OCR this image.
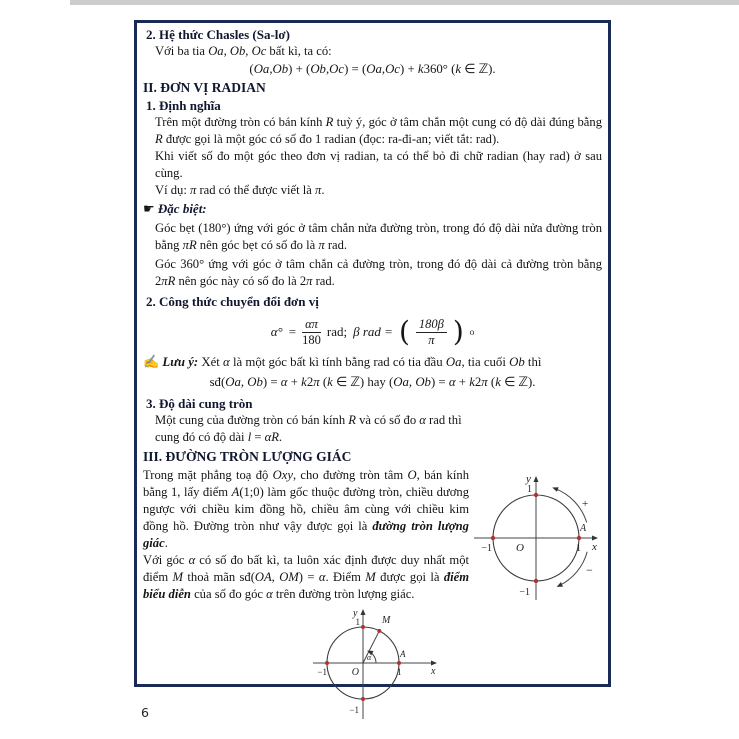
2. Hệ thức Chasles (Sa-lơ)

Với ba tia Oa, Ob, Oc bất kì, ta có:

(Oa,Ob) + (Ob,Oc) = (Oa,Oc) + k360° (k ∈ ℤ).

II. ĐƠN VỊ RADIAN

1. Định nghĩa

Trên một đường tròn có bán kính R tuỳ ý, góc ở tâm chắn một cung có độ dài đúng bằng R được gọi là một góc có số đo 1 radian (đọc: ra-đi-an; viết tắt: rad).

Khi viết số đo một góc theo đơn vị radian, ta có thể bỏ đi chữ radian (hay rad) ở sau cùng.

Ví dụ: π rad có thể được viết là π.

☛ Đặc biệt:

Góc bẹt (180°) ứng với góc ở tâm chắn nửa đường tròn, trong đó độ dài nửa đường tròn bằng πR nên góc bẹt có số đo là π rad.

Góc 360° ứng với góc ở tâm chắn cả đường tròn, trong đó độ dài cả đường tròn bằng 2πR nên góc này có số đo là 2π rad.

2. Công thức chuyển đổi đơn vị

$\alpha^\circ = \frac{\alpha\pi}{180}$ rad; β rad = ( $\frac{180\beta}{\pi}$ ) o

✍ Lưu ý: Xét α là một góc bất kì tính bằng rad có tia đầu Oa, tia cuối Ob thì

sđ(Oa, Ob) = α + k2π (k ∈ ℤ) hay (Oa, Ob) = α + k2π (k ∈ ℤ).

3. Độ dài cung tròn

Một cung của đường tròn có bán kính R và có số đo α rad thì

cung đó có độ dài l = αR.

III. ĐƯỜNG TRÒN LƯỢNG GIÁC

Trong mặt phẳng toạ độ Oxy, cho đường tròn tâm O, bán kính bằng 1, lấy điểm A(1;0) làm gốc thuộc đường tròn, chiều dương ngược với chiều kim đồng hồ, chiều âm cùng với chiều kim đồng hồ. Đường tròn như vậy được gọi là đường tròn lượng giác.

Với góc α có số đo bất kì, ta luôn xác định được duy nhất một điểm M thoả mãn sđ(OA, OM) = α. Điểm M được gọi là điểm biểu diễn của số đo góc α trên đường tròn lượng giác.

y
x
O
A
1
1
−1
−1
+
−
y
1 M
x
A
1
O
−1
−1
α
6
